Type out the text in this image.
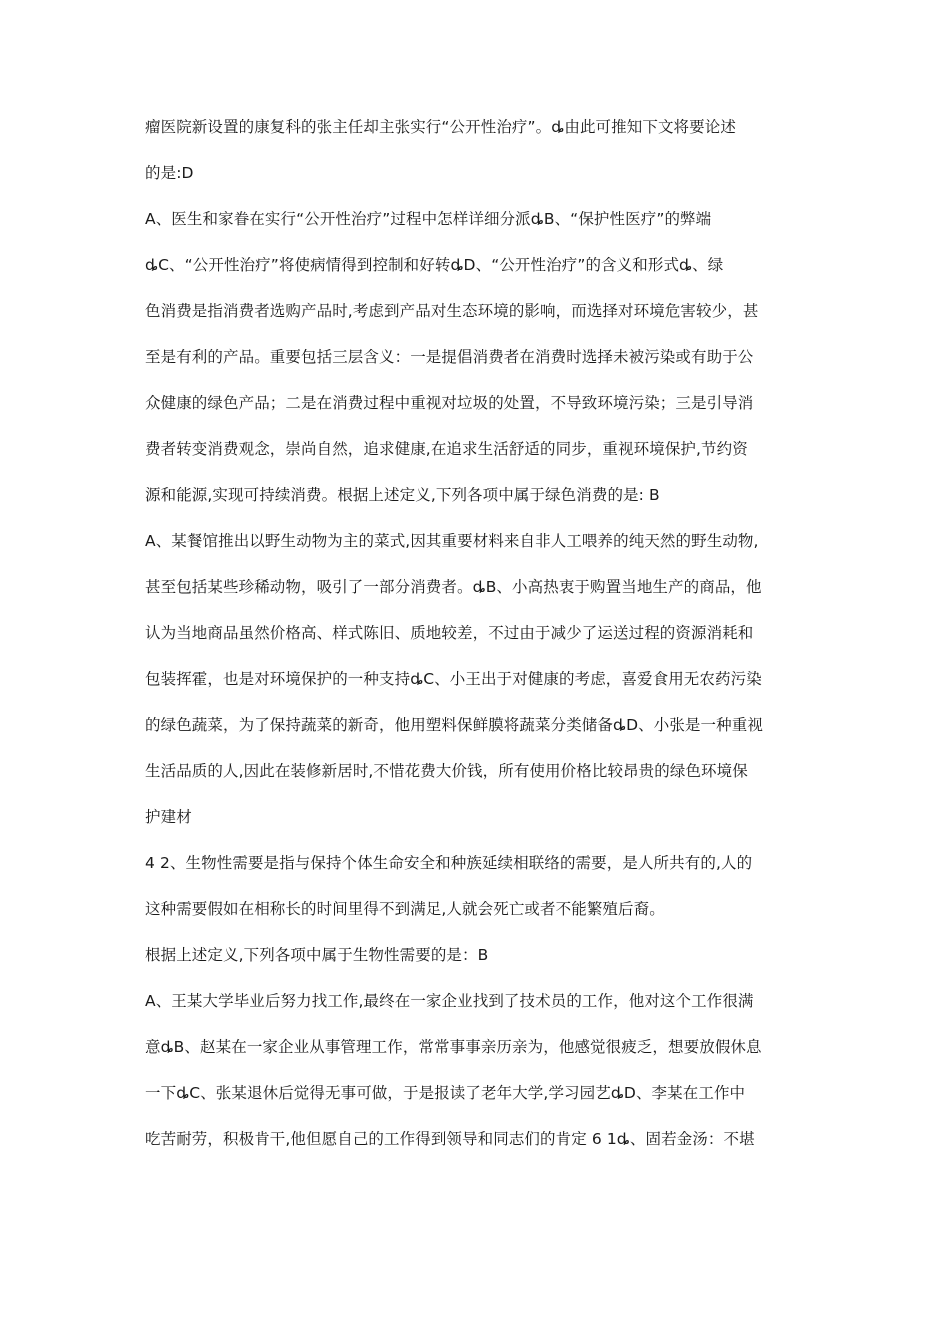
瘤医院新设置的康复科的张主任却主张实行“公开性治疗”。ȡ由此可推知下文将要论述
的是:D
A、医生和家眷在实行“公开性治疗”过程中怎样详细分派ȡB、“保护性医疗”的弊端
ȡC、“公开性治疗”将使病情得到控制和好转ȡD、“公开性治疗”的含义和形式ȡ、绿
色消费是指消费者选购产品时,考虑到产品对生态环境的影响，而选择对环境危害较少，甚
至是有利的产品。重要包括三层含义：一是提倡消费者在消费时选择未被污染或有助于公
众健康的绿色产品；二是在消费过程中重视对垃圾的处置，不导致环境污染；三是引导消
费者转变消费观念，崇尚自然，追求健康,在追求生活舒适的同步，重视环境保护,节约资
源和能源,实现可持续消费。根据上述定义,下列各项中属于绿色消费的是: B
A、某餐馆推出以野生动物为主的菜式,因其重要材料来自非人工喂养的纯天然的野生动物,
甚至包括某些珍稀动物，吸引了一部分消费者。ȡB、小高热衷于购置当地生产的商品，他
认为当地商品虽然价格高、样式陈旧、质地较差，不过由于减少了运送过程的资源消耗和
包装挥霍，也是对环境保护的一种支持ȡC、小王出于对健康的考虑，喜爱食用无农药污染
的绿色蔬菜，为了保持蔬菜的新奇，他用塑料保鲜膜将蔬菜分类储备ȡD、小张是一种重视
生活品质的人,因此在装修新居时,不惜花费大价钱，所有使用价格比较昂贵的绿色环境保
护建材
4 2、生物性需要是指与保持个体生命安全和种族延续相联络的需要，是人所共有的,人的
这种需要假如在相称长的时间里得不到满足,人就会死亡或者不能繁殖后裔。
根据上述定义,下列各项中属于生物性需要的是：B
A、王某大学毕业后努力找工作,最终在一家企业找到了技术员的工作，他对这个工作很满
意ȡB、赵某在一家企业从事管理工作，常常事事亲历亲为，他感觉很疲乏，想要放假休息
一下ȡC、张某退休后觉得无事可做，于是报读了老年大学,学习园艺ȡD、李某在工作中
吃苦耐劳，积极肯干,他但愿自己的工作得到领导和同志们的肯定 6 1ȡ、固若金汤：不堪
